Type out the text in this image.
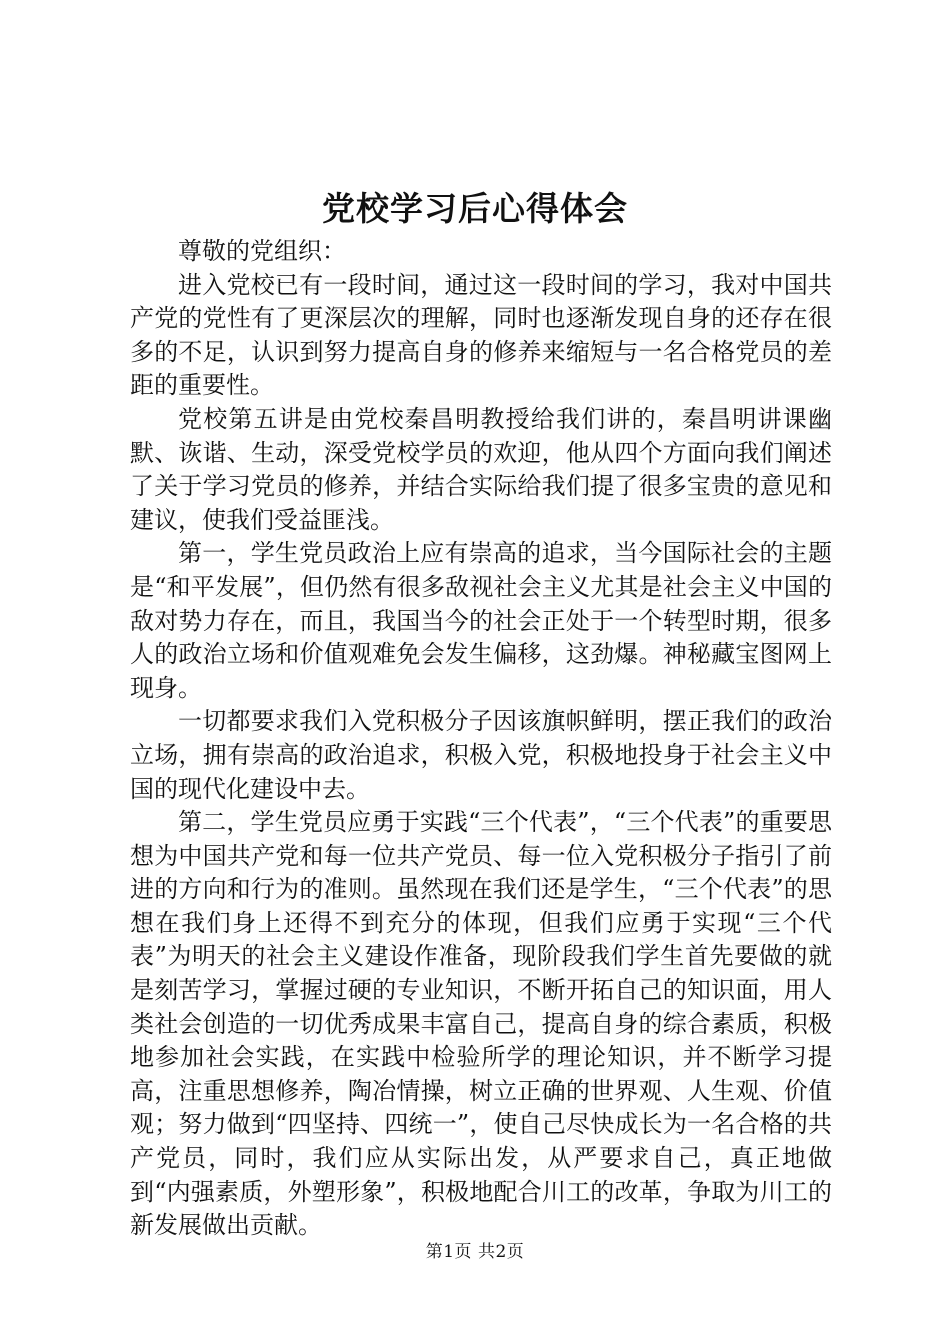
党校学习后心得体会

尊敬的党组织：

进入党校已有一段时间，通过这一段时间的学习，我对中国共产党的党性有了更深层次的理解，同时也逐渐发现自身的还存在很多的不足，认识到努力提高自身的修养来缩短与一名合格党员的差距的重要性。

党校第五讲是由党校秦昌明教授给我们讲的，秦昌明讲课幽默、诙谐、生动，深受党校学员的欢迎，他从四个方面向我们阐述了关于学习党员的修养，并结合实际给我们提了很多宝贵的意见和建议，使我们受益匪浅。

第一，学生党员政治上应有崇高的追求，当今国际社会的主题是“和平发展”，但仍然有很多敌视社会主义尤其是社会主义中国的敌对势力存在，而且，我国当今的社会正处于一个转型时期，很多人的政治立场和价值观难免会发生偏移，这劲爆。神秘藏宝图网上现身。

一切都要求我们入党积极分子因该旗帜鲜明，摆正我们的政治立场，拥有崇高的政治追求，积极入党，积极地投身于社会主义中国的现代化建设中去。

第二，学生党员应勇于实践“三个代表”，“三个代表”的重要思想为中国共产党和每一位共产党员、每一位入党积极分子指引了前进的方向和行为的准则。虽然现在我们还是学生，“三个代表”的思想在我们身上还得不到充分的体现，但我们应勇于实现“三个代表”为明天的社会主义建设作准备，现阶段我们学生首先要做的就是刻苦学习，掌握过硬的专业知识，不断开拓自己的知识面，用人类社会创造的一切优秀成果丰富自己，提高自身的综合素质，积极地参加社会实践，在实践中检验所学的理论知识，并不断学习提高，注重思想修养，陶冶情操，树立正确的世界观、人生观、价值观；努力做到“四坚持、四统一”，使自己尽快成长为一名合格的共产党员，同时，我们应从实际出发，从严要求自己，真正地做到“内强素质，外塑形象”，积极地配合川工的改革，争取为川工的新发展做出贡献。

第1页 共2页
